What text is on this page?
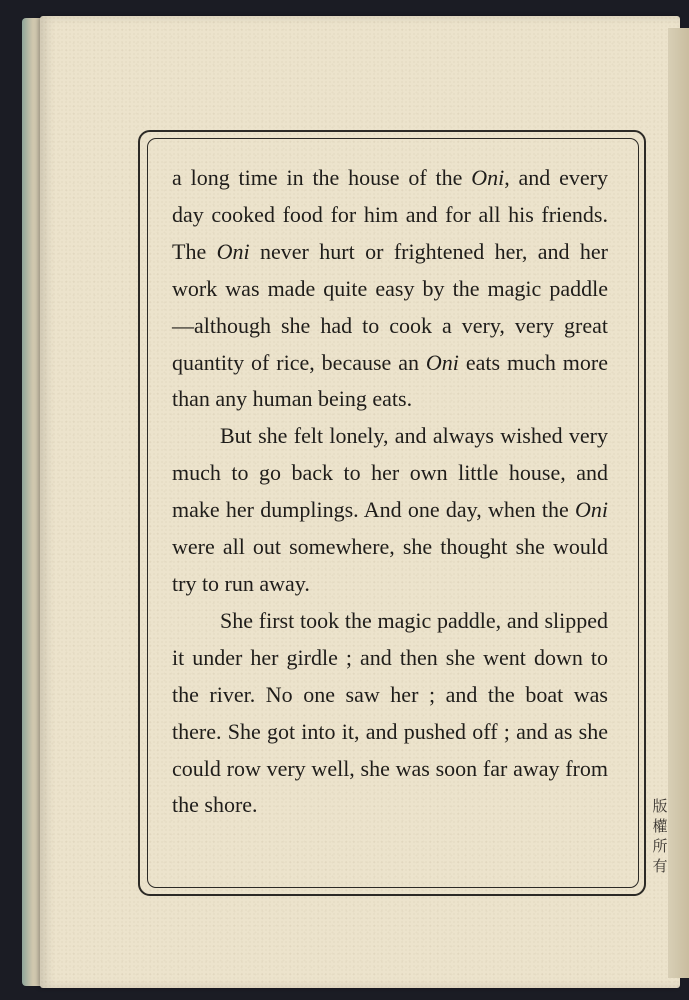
a long time in the house of the Oni, and every day cooked food for him and for all his friends. The Oni never hurt or frightened her, and her work was made quite easy by the magic paddle—although she had to cook a very, very great quantity of rice, because an Oni eats much more than any human being eats.

But she felt lonely, and always wished very much to go back to her own little house, and make her dumplings. And one day, when the Oni were all out somewhere, she thought she would try to run away.

She first took the magic paddle, and slipped it under her girdle ; and then she went down to the river. No one saw her ; and the boat was there. She got into it, and pushed off ; and as she could row very well, she was soon far away from the shore.	版
權
所
有
